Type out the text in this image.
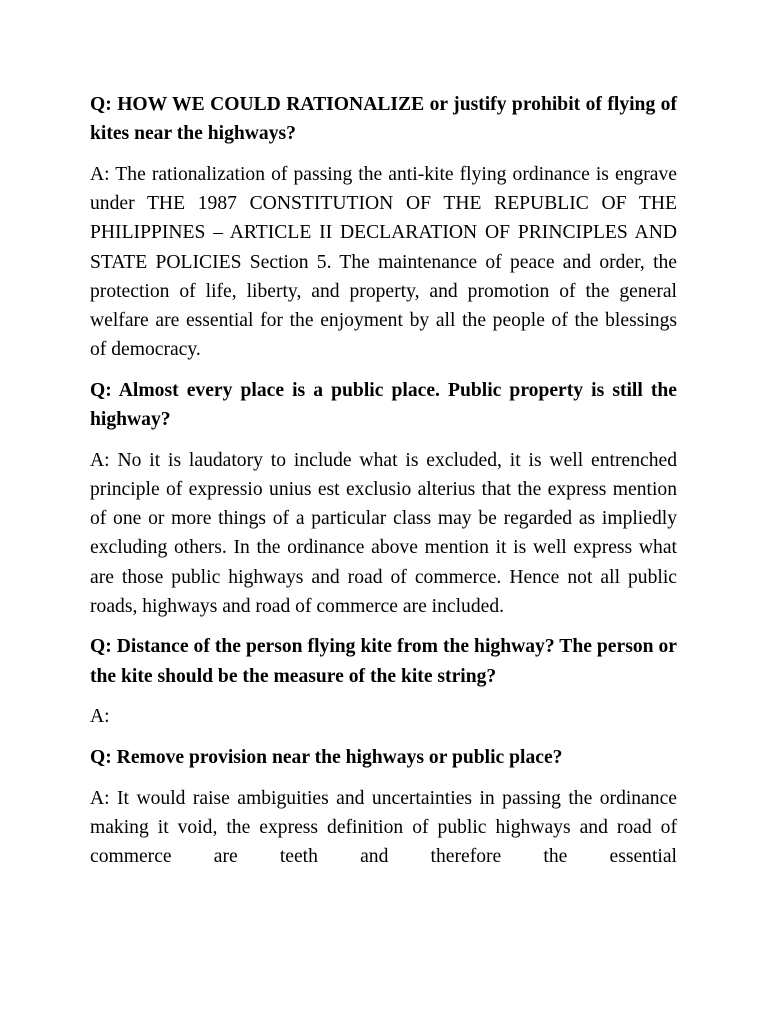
Q: HOW WE COULD RATIONALIZE or justify prohibit of flying of kites near the highways?

A: The rationalization of passing the anti-kite flying ordinance is engrave under THE 1987 CONSTITUTION OF THE REPUBLIC OF THE PHILIPPINES – ARTICLE II DECLARATION OF PRINCIPLES AND STATE POLICIES Section 5. The maintenance of peace and order, the protection of life, liberty, and property, and promotion of the general welfare are essential for the enjoyment by all the people of the blessings of democracy.

Q: Almost every place is a public place. Public property is still the highway?

A: No it is laudatory to include what is excluded, it is well entrenched principle of expressio unius est exclusio alterius that the express mention of one or more things of a particular class may be regarded as impliedly excluding others. In the ordinance above mention it is well express what are those public highways and road of commerce. Hence not all public roads, highways and road of commerce are included.

Q: Distance of the person flying kite from the highway? The person or the kite should be the measure of the kite string?

A:

Q: Remove provision near the highways or public place?

A: It would raise ambiguities and uncertainties in passing the ordinance making it void, the express definition of public highways and road of commerce are teeth and therefore the essential
